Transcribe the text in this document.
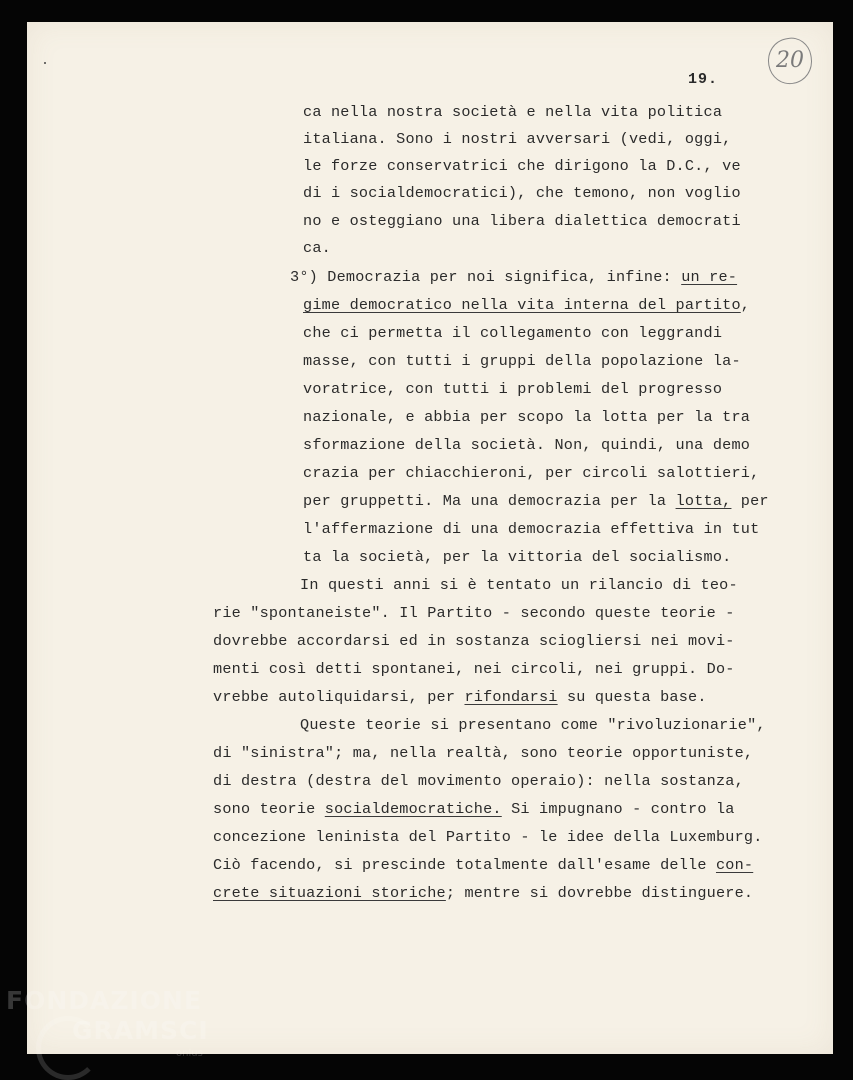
19.
20
ca nella nostra società e nella vita politica
italiana. Sono i nostri avversari (vedi, oggi,
le forze conservatrici che dirigono la D.C., ve
di i socialdemocratici), che temono, non voglio
no e osteggiano una libera dialettica democrati
ca.
3°) Democrazia per noi significa, infine: un re-
gime democratico nella vita interna del partito,
che ci permetta il collegamento con leggrandi
masse, con tutti i gruppi della popolazione la-
voratrice, con tutti i problemi del progresso
nazionale, e abbia per scopo la lotta per la tra
sformazione della società. Non, quindi, una demo
crazia per chiacchieroni, per circoli salottieri,
per gruppetti. Ma una democrazia per la lotta, per
l'affermazione di una democrazia effettiva in tut
ta la società, per la vittoria del socialismo.
In questi anni si è tentato un rilancio di teo-
rie "spontaneiste". Il Partito - secondo queste teorie -
dovrebbe accordarsi ed in sostanza sciogliersi nei movi-
menti così detti spontanei, nei circoli, nei gruppi. Do-
vrebbe autoliquidarsi, per rifondarsi su questa base.
Queste teorie si presentano come "rivoluzionarie",
di "sinistra"; ma, nella realtà, sono teorie opportuniste,
di destra (destra del movimento operaio): nella sostanza,
sono teorie socialdemocratiche. Si impugnano - contro la
concezione leninista del Partito - le idee della Luxemburg.
Ciò facendo, si prescinde totalmente dall'esame delle con-
crete situazioni storiche; mentre si dovrebbe distinguere.
FONDAZIONE
GRAMSCI
onlus
